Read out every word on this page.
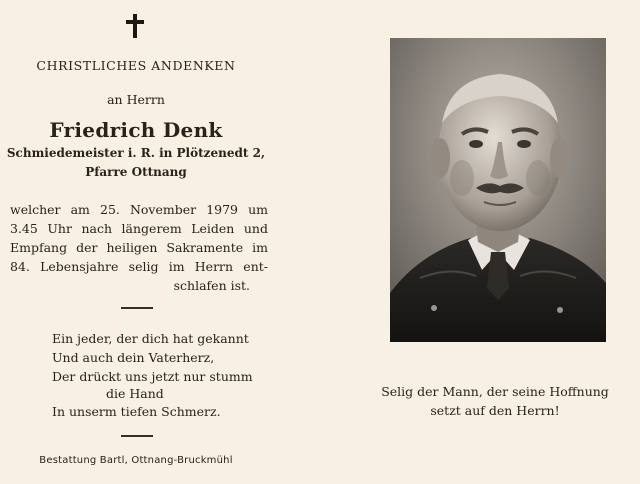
CHRISTLICHES ANDENKEN
an Herrn
Friedrich Denk
Schmiedemeister i. R. in Plötzenedt 2,
Pfarre Ottnang
welcher am 25. November 1979 um
3.45 Uhr nach längerem Leiden und
Empfang der heiligen Sakramente im
84. Lebensjahre selig im Herrn ent-
schlafen ist.
Ein jeder, der dich hat gekannt
Und auch dein Vaterherz,
Der drückt uns jetzt nur stumm
die Hand
In unserm tiefen Schmerz.
Bestattung Bartl, Ottnang-Bruckmühl
Selig der Mann, der seine Hoffnung
setzt auf den Herrn!
